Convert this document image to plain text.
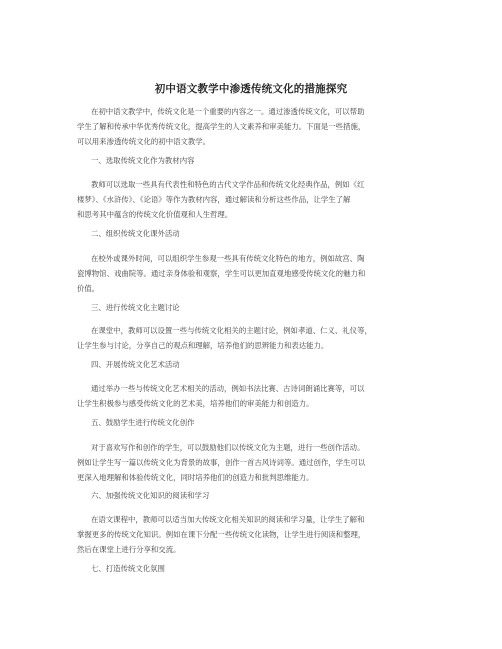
初中语文教学中渗透传统文化的措施探究
在初中语文教学中，传统文化是一个重要的内容之一。通过渗透传统文化，可以帮助
学生了解和传承中华优秀传统文化，提高学生的人文素养和审美能力。下面是一些措施，
可以用来渗透传统文化的初中语文教学。
一、选取传统文化作为教材内容
教师可以选取一些具有代表性和特色的古代文学作品和传统文化经典作品，例如《红
楼梦》、《水浒传》、《论语》等作为教材内容，通过解读和分析这些作品，让学生了解
和思考其中蕴含的传统文化价值观和人生哲理。
二、组织传统文化课外活动
在校外或课外时间，可以组织学生参观一些具有传统文化特色的地方，例如故宫、陶
瓷博物馆、戏曲院等。通过亲身体验和观察，学生可以更加直观地感受传统文化的魅力和
价值。
三、进行传统文化主题讨论
在课堂中，教师可以设置一些与传统文化相关的主题讨论，例如孝道、仁义、礼仪等，
让学生参与讨论，分享自己的观点和理解，培养他们的思辨能力和表达能力。
四、开展传统文化艺术活动
通过举办一些与传统文化艺术相关的活动，例如书法比赛、古诗词朗诵比赛等，可以
让学生积极参与感受传统文化的艺术美，培养他们的审美能力和创造力。
五、鼓励学生进行传统文化创作
对于喜欢写作和创作的学生，可以鼓励他们以传统文化为主题，进行一些创作活动。
例如让学生写一篇以传统文化为背景的故事，创作一首古风诗词等。通过创作，学生可以
更深入地理解和体验传统文化，同时培养他们的创造力和批判思维能力。
六、加强传统文化知识的阅读和学习
在语文课程中，教师可以适当加大传统文化相关知识的阅读和学习量，让学生了解和
掌握更多的传统文化知识。例如在课下分配一些传统文化读物，让学生进行阅读和整理，
然后在课堂上进行分享和交流。
七、打造传统文化氛围
